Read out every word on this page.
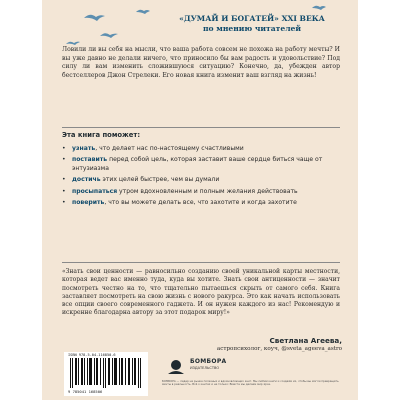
«ДУМАЙ И БОГАТЕЙ» XXI ВЕКА
по мнению читателей
Ловили ли вы себя на мысли, что ваша работа совсем не похожа на работу мечты? И вы уже давно не делали ничего, что приносило бы вам радость и удовольствие? Под силу ли вам изменить сложившуюся ситуацию? Конечно, да, убежден автор бестселлеров Джон Стрелеки. Его новая книга изменит ваш взгляд на жизнь!
Эта книга поможет:
• узнать, что делает нас по-настоящему счастливыми
• поставить перед собой цель, которая заставит ваше сердце биться чаще от энтузиазма
• достичь этих целей быстрее, чем вы думали
• просыпаться утром вдохновленным и полным желания действовать
• поверить, что вы можете делать все, что захотите и когда захотите
«Знать свои ценности — равносильно созданию своей уникальной карты местности, которая ведет вас именно туда, куда вы хотите. Знать свои антиценности — значит посмотреть честно на то, что тщательно пытаешься скрыть от самого себя. Книга заставляет посмотреть на свою жизнь с нового ракурса. Это как начать использовать все опции своего современного гаджета. И он нужен каждого из нас! Рекомендую и искренне благодарна автору за этот подарок миру!»
Светлана Агеева,
астропсихолог, коуч, @sveta_ageeva_astro
ISBN 978-5-04-116850-6
9 785041 168506
БОМБОРА
ИЗДАТЕЛЬСТВО
БОМБОРА — лидер на рынке полезных и вдохновляющих книг. Мы любим книги и создаём их, чтобы вы могли превращать мечты в реальность. Всё о книгах и не только: Вместе мы делаем мир ярче.
